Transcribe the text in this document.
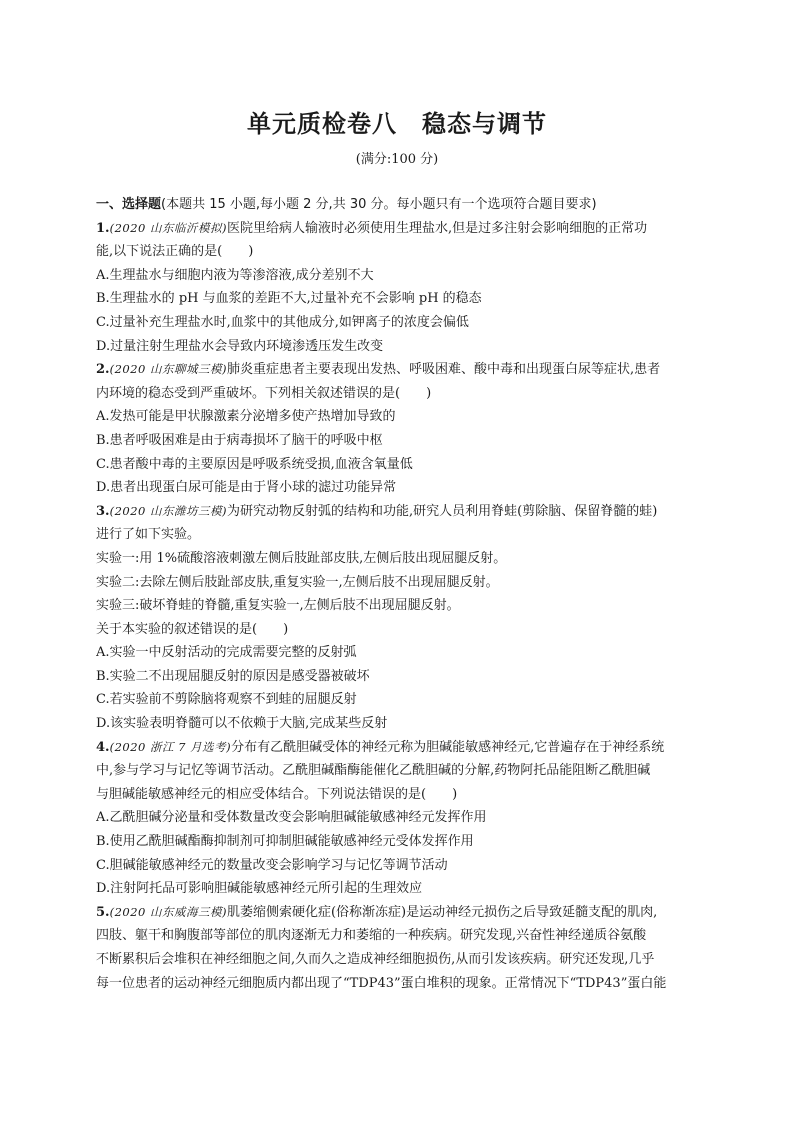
单元质检卷八　稳态与调节
(满分:100 分)
一、选择题(本题共 15 小题,每小题 2 分,共 30 分。每小题只有一个选项符合题目要求)
1.(2020 山东临沂模拟)医院里给病人输液时必须使用生理盐水,但是过多注射会影响细胞的正常功
能,以下说法正确的是(　　)
A.生理盐水与细胞内液为等渗溶液,成分差别不大
B.生理盐水的 pH 与血浆的差距不大,过量补充不会影响 pH 的稳态
C.过量补充生理盐水时,血浆中的其他成分,如钾离子的浓度会偏低
D.过量注射生理盐水会导致内环境渗透压发生改变
2.(2020 山东聊城三模)肺炎重症患者主要表现出发热、呼吸困难、酸中毒和出现蛋白尿等症状,患者
内环境的稳态受到严重破坏。下列相关叙述错误的是(　　)
A.发热可能是甲状腺激素分泌增多使产热增加导致的
B.患者呼吸困难是由于病毒损坏了脑干的呼吸中枢
C.患者酸中毒的主要原因是呼吸系统受损,血液含氧量低
D.患者出现蛋白尿可能是由于肾小球的滤过功能异常
3.(2020 山东潍坊三模)为研究动物反射弧的结构和功能,研究人员利用脊蛙(剪除脑、保留脊髓的蛙)
进行了如下实验。
实验一:用 1%硫酸溶液刺激左侧后肢趾部皮肤,左侧后肢出现屈腿反射。
实验二:去除左侧后肢趾部皮肤,重复实验一,左侧后肢不出现屈腿反射。
实验三:破坏脊蛙的脊髓,重复实验一,左侧后肢不出现屈腿反射。
关于本实验的叙述错误的是(　　)
A.实验一中反射活动的完成需要完整的反射弧
B.实验二不出现屈腿反射的原因是感受器被破坏
C.若实验前不剪除脑将观察不到蛙的屈腿反射
D.该实验表明脊髓可以不依赖于大脑,完成某些反射
4.(2020 浙江 7 月选考)分布有乙酰胆碱受体的神经元称为胆碱能敏感神经元,它普遍存在于神经系统
中,参与学习与记忆等调节活动。乙酰胆碱酯酶能催化乙酰胆碱的分解,药物阿托品能阻断乙酰胆碱
与胆碱能敏感神经元的相应受体结合。下列说法错误的是(　　)
A.乙酰胆碱分泌量和受体数量改变会影响胆碱能敏感神经元发挥作用
B.使用乙酰胆碱酯酶抑制剂可抑制胆碱能敏感神经元受体发挥作用
C.胆碱能敏感神经元的数量改变会影响学习与记忆等调节活动
D.注射阿托品可影响胆碱能敏感神经元所引起的生理效应
5.(2020 山东威海三模)肌萎缩侧索硬化症(俗称渐冻症)是运动神经元损伤之后导致延髓支配的肌肉,
四肢、躯干和胸腹部等部位的肌肉逐渐无力和萎缩的一种疾病。研究发现,兴奋性神经递质谷氨酸
不断累积后会堆积在神经细胞之间,久而久之造成神经细胞损伤,从而引发该疾病。研究还发现,几乎
每一位患者的运动神经元细胞质内都出现了“TDP43”蛋白堆积的现象。正常情况下“TDP43”蛋白能
